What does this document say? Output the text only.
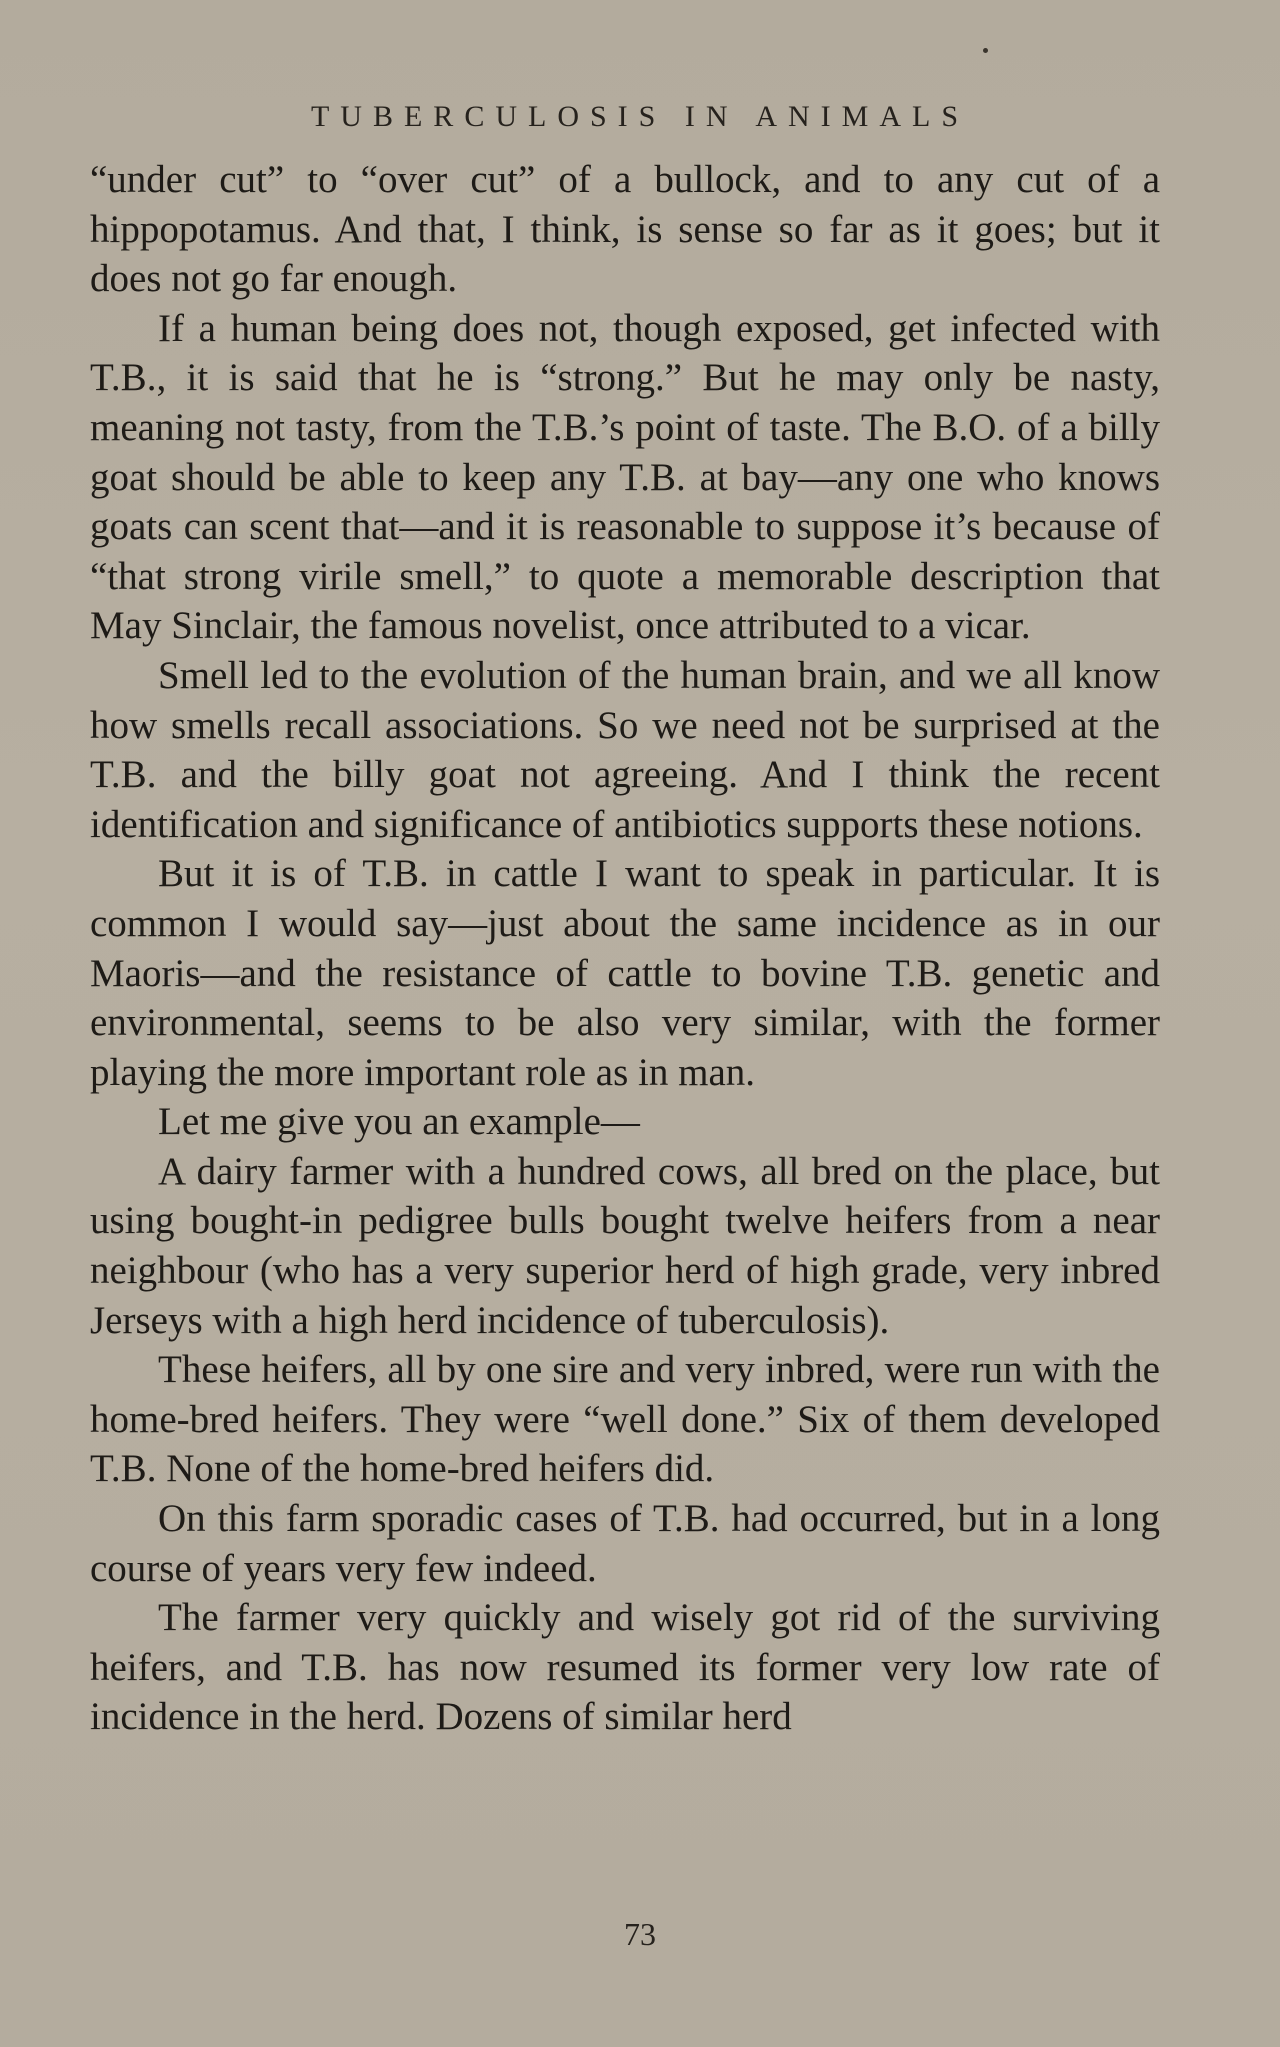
TUBERCULOSIS IN ANIMALS

“under cut” to “over cut” of a bullock, and to any cut of a hippopotamus. And that, I think, is sense so far as it goes; but it does not go far enough.

If a human being does not, though exposed, get infected with T.B., it is said that he is “strong.” But he may only be nasty, meaning not tasty, from the T.B.’s point of taste. The B.O. of a billy goat should be able to keep any T.B. at bay—any one who knows goats can scent that—and it is reasonable to suppose it’s because of “that strong virile smell,” to quote a memorable description that May Sinclair, the famous novelist, once attributed to a vicar.

Smell led to the evolution of the human brain, and we all know how smells recall associations. So we need not be surprised at the T.B. and the billy goat not agreeing. And I think the recent identification and significance of antibiotics supports these notions.

But it is of T.B. in cattle I want to speak in particular. It is common I would say—just about the same incidence as in our Maoris—and the resistance of cattle to bovine T.B. genetic and environmental, seems to be also very similar, with the former playing the more important role as in man.

Let me give you an example—

A dairy farmer with a hundred cows, all bred on the place, but using bought-in pedigree bulls bought twelve heifers from a near neighbour (who has a very superior herd of high grade, very inbred Jerseys with a high herd incidence of tuberculosis).

These heifers, all by one sire and very inbred, were run with the home-bred heifers. They were “well done.” Six of them developed T.B. None of the home-bred heifers did.

On this farm sporadic cases of T.B. had occurred, but in a long course of years very few indeed.

The farmer very quickly and wisely got rid of the surviving heifers, and T.B. has now resumed its former very low rate of incidence in the herd. Dozens of similar herd

73
